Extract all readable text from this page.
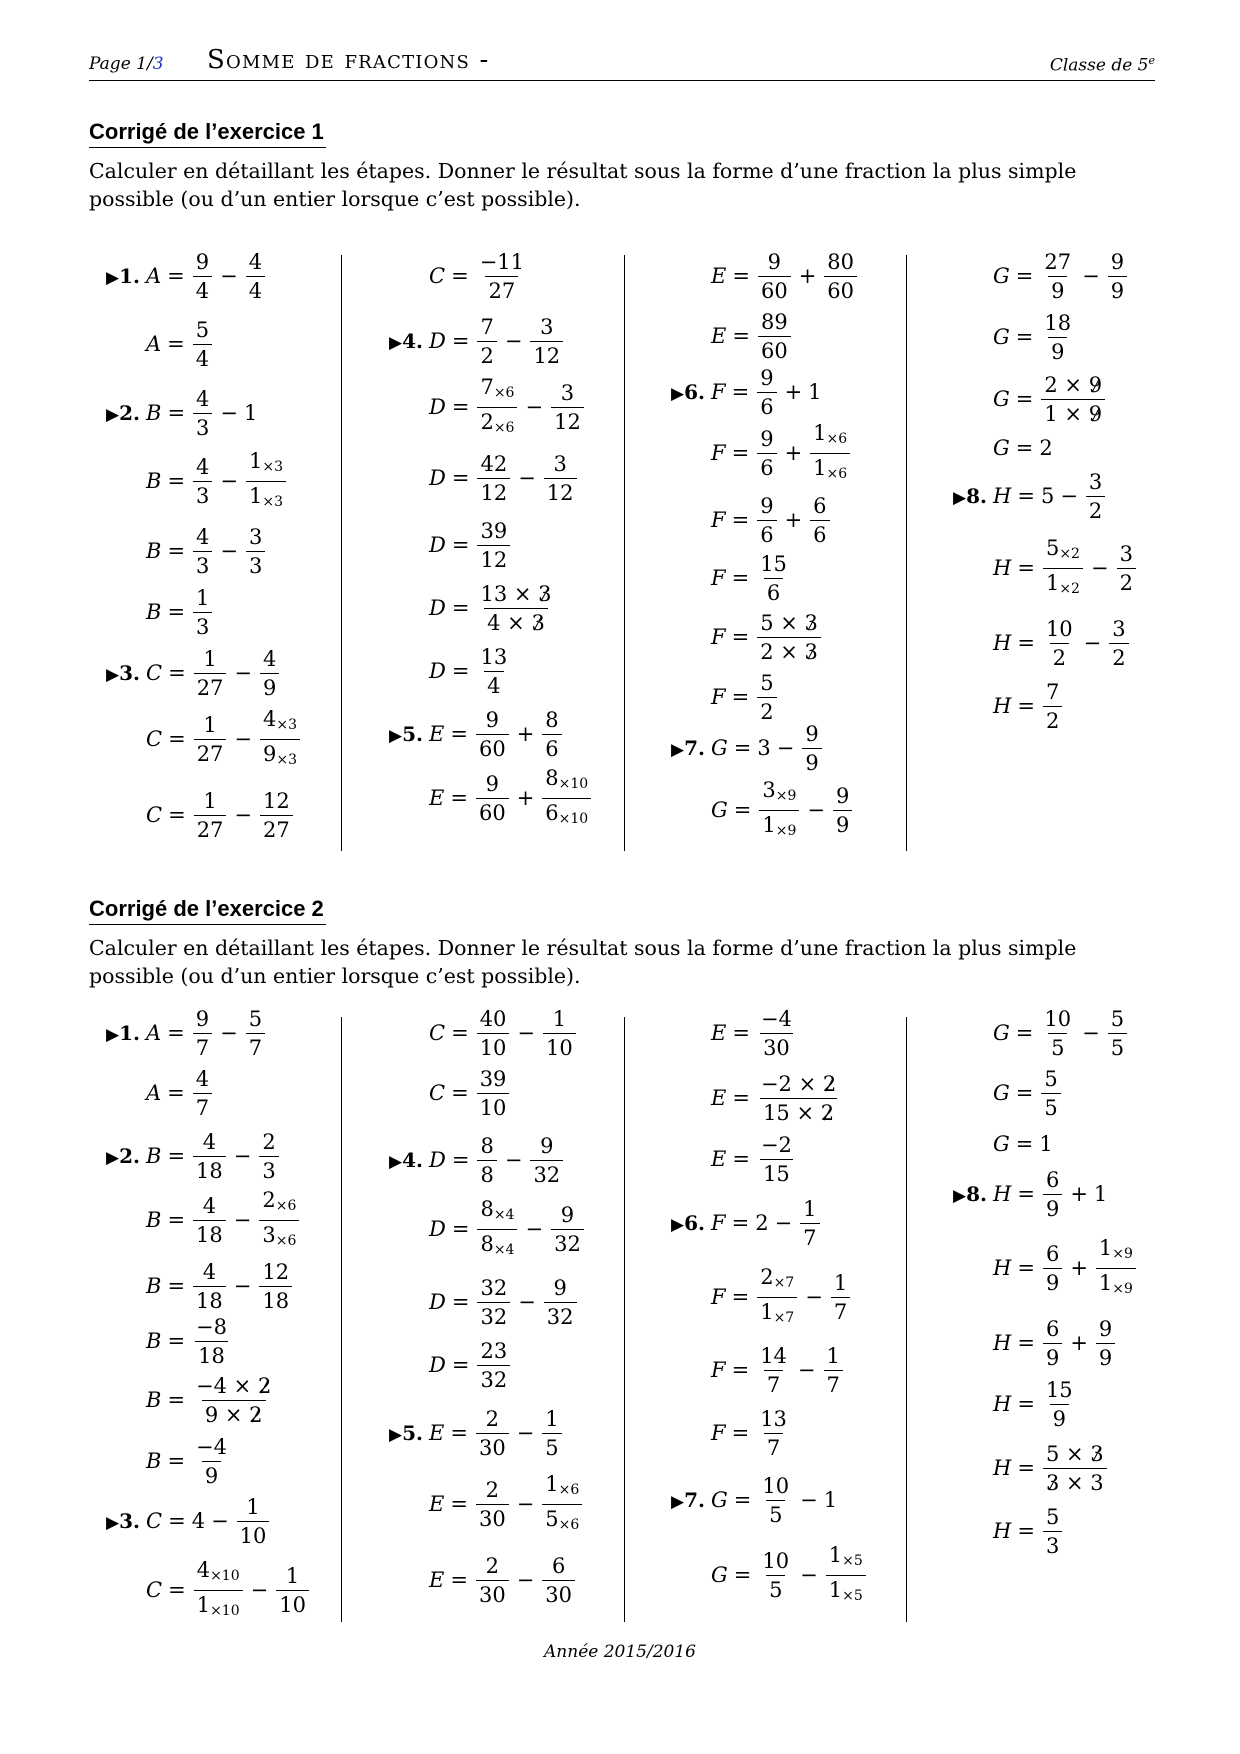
Page 1/3 Somme de fractions -	Classe de 5e
Corrigé de l’exercice 1
Calculer en détaillant les étapes. Donner le résultat sous la forme d’une fraction la plus simple possible (ou d’un entier lorsque c’est possible).
▶1. $A = \frac{9}{4} - \frac{4}{4}$
$A = \frac{5}{4}$
▶2. $B = \frac{4}{3} - 1$
$B = \frac{4}{3} - \frac{1_{\times 3}}{1_{\times 3}}$
$B = \frac{4}{3} - \frac{3}{3}$
$B = \frac{1}{3}$
▶3. $C = \frac{1}{27} - \frac{4}{9}$
$C = \frac{1}{27} - \frac{4_{\times 3}}{9_{\times 3}}$
$C = \frac{1}{27} - \frac{12}{27}$
$C = \frac{-11}{27}$
▶4. $D = \frac{7}{2} - \frac{3}{12}$
$D = \frac{7_{\times 6}}{2_{\times 6}} - \frac{3}{12}$
$D = \frac{42}{12} - \frac{3}{12}$
$D = \frac{39}{12}$
$D = \frac{13 \times 3}{4 \times 3}$
$D = \frac{13}{4}$
▶5. $E = \frac{9}{60} + \frac{8}{6}$
$E = \frac{9}{60} + \frac{8_{\times 10}}{6_{\times 10}}$
$E = \frac{9}{60} + \frac{80}{60}$
$E = \frac{89}{60}$
▶6. $F = \frac{9}{6} + 1$
$F = \frac{9}{6} + \frac{1_{\times 6}}{1_{\times 6}}$
$F = \frac{9}{6} + \frac{6}{6}$
$F = \frac{15}{6}$
$F = \frac{5 \times 3}{2 \times 3}$
$F = \frac{5}{2}$
▶7. $G = 3 - \frac{9}{9}$
$G = \frac{3_{\times 9}}{1_{\times 9}} - \frac{9}{9}$
$G = \frac{27}{9} - \frac{9}{9}$
$G = \frac{18}{9}$
$G = \frac{2 \times 9}{1 \times 9}$
G = 2
▶8. $H = 5 - \frac{3}{2}$
$H = \frac{5_{\times 2}}{1_{\times 2}} - \frac{3}{2}$
$H = \frac{10}{2} - \frac{3}{2}$
$H = \frac{7}{2}$
Corrigé de l’exercice 2
Calculer en détaillant les étapes. Donner le résultat sous la forme d’une fraction la plus simple possible (ou d’un entier lorsque c’est possible).
▶1. $A = \frac{9}{7} - \frac{5}{7}$
$A = \frac{4}{7}$
▶2. $B = \frac{4}{18} - \frac{2}{3}$
$B = \frac{4}{18} - \frac{2_{\times 6}}{3_{\times 6}}$
$B = \frac{4}{18} - \frac{12}{18}$
$B = \frac{-8}{18}$
$B = \frac{-4 \times 2}{9 \times 2}$
$B = \frac{-4}{9}$
▶3. $C = 4 - \frac{1}{10}$
$C = \frac{4_{\times 10}}{1_{\times 10}} - \frac{1}{10}$
$C = \frac{40}{10} - \frac{1}{10}$
$C = \frac{39}{10}$
▶4. $D = \frac{8}{8} - \frac{9}{32}$
$D = \frac{8_{\times 4}}{8_{\times 4}} - \frac{9}{32}$
$D = \frac{32}{32} - \frac{9}{32}$
$D = \frac{23}{32}$
▶5. $E = \frac{2}{30} - \frac{1}{5}$
$E = \frac{2}{30} - \frac{1_{\times 6}}{5_{\times 6}}$
$E = \frac{2}{30} - \frac{6}{30}$
$E = \frac{-4}{30}$
$E = \frac{-2 \times 2}{15 \times 2}$
$E = \frac{-2}{15}$
▶6. $F = 2 - \frac{1}{7}$
$F = \frac{2_{\times 7}}{1_{\times 7}} - \frac{1}{7}$
$F = \frac{14}{7} - \frac{1}{7}$
$F = \frac{13}{7}$
▶7. $G = \frac{10}{5} - 1$
$G = \frac{10}{5} - \frac{1_{\times 5}}{1_{\times 5}}$
$G = \frac{10}{5} - \frac{5}{5}$
$G = \frac{5}{5}$
G = 1
▶8. $H = \frac{6}{9} + 1$
$H = \frac{6}{9} + \frac{1_{\times 9}}{1_{\times 9}}$
$H = \frac{6}{9} + \frac{9}{9}$
$H = \frac{15}{9}$
$H = \frac{5 \times 3}{3 \times 3}$
$H = \frac{5}{3}$
Année 2015/2016
